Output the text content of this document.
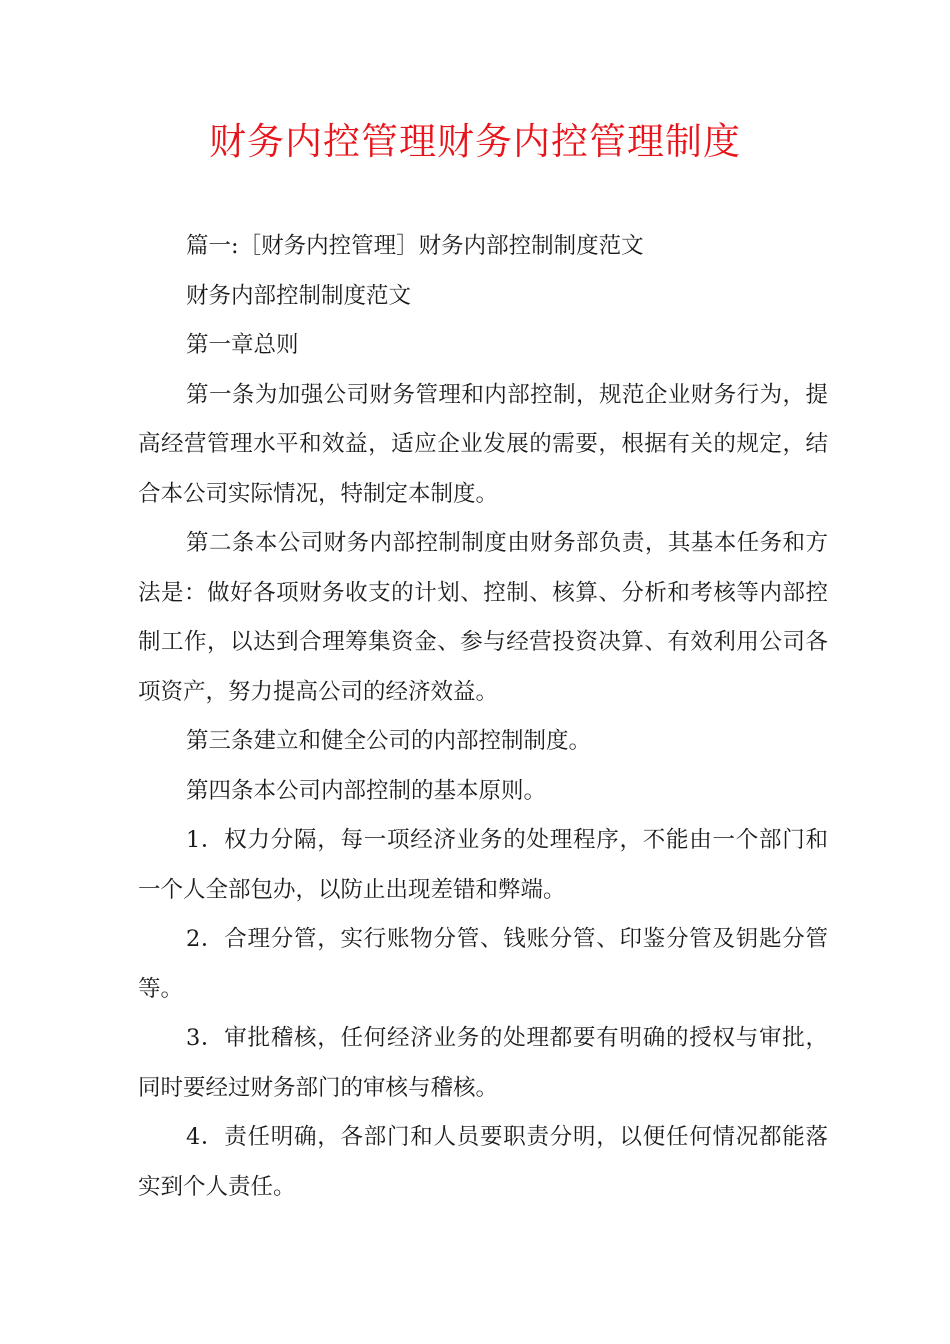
财务内控管理财务内控管理制度

篇一:［财务内控管理］财务内部控制制度范文

财务内部控制制度范文

第一章总则

第一条为加强公司财务管理和内部控制，规范企业财务行为，提高经营管理水平和效益，适应企业发展的需要，根据有关的规定，结合本公司实际情况，特制定本制度。

第二条本公司财务内部控制制度由财务部负责，其基本任务和方法是：做好各项财务收支的计划、控制、核算、分析和考核等内部控制工作，以达到合理筹集资金、参与经营投资决算、有效利用公司各项资产，努力提高公司的经济效益。

第三条建立和健全公司的内部控制制度。

第四条本公司内部控制的基本原则。

1．权力分隔，每一项经济业务的处理程序，不能由一个部门和一个人全部包办，以防止出现差错和弊端。

2．合理分管，实行账物分管、钱账分管、印鉴分管及钥匙分管等。

3．审批稽核，任何经济业务的处理都要有明确的授权与审批，同时要经过财务部门的审核与稽核。

4．责任明确，各部门和人员要职责分明，以便任何情况都能落实到个人责任。
